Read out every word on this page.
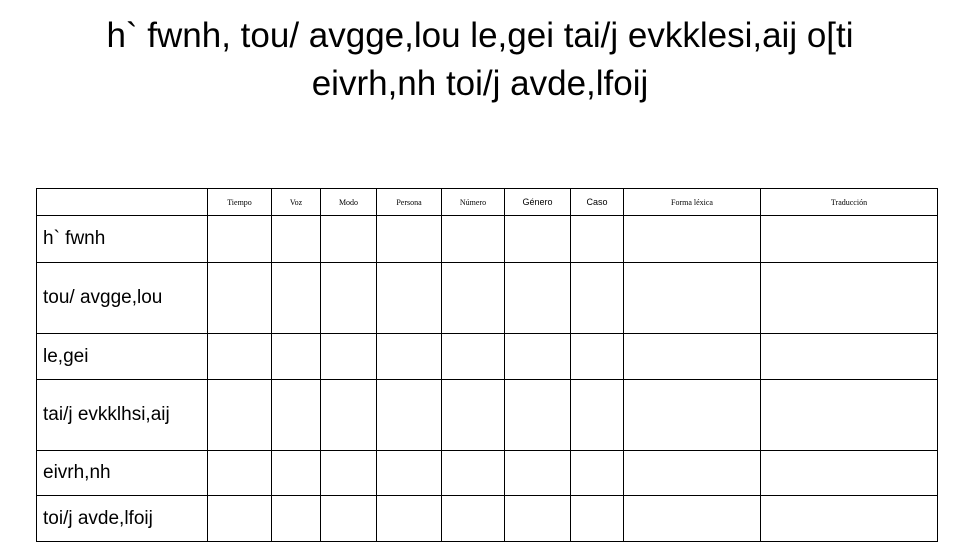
h` fwnh, tou/ avgge,lou le,gei tai/j evkklesi,aij o[ti
eivrh,nh toi/j avde,lfoij
	Tiempo	Voz	Modo	Persona	Número	Género	Caso	Forma léxica	Traducción
h` fwnh									
tou/ avgge,lou									
le,gei									
tai/j evkklhsi,aij									
eivrh,nh									
toi/j avde,lfoij									
